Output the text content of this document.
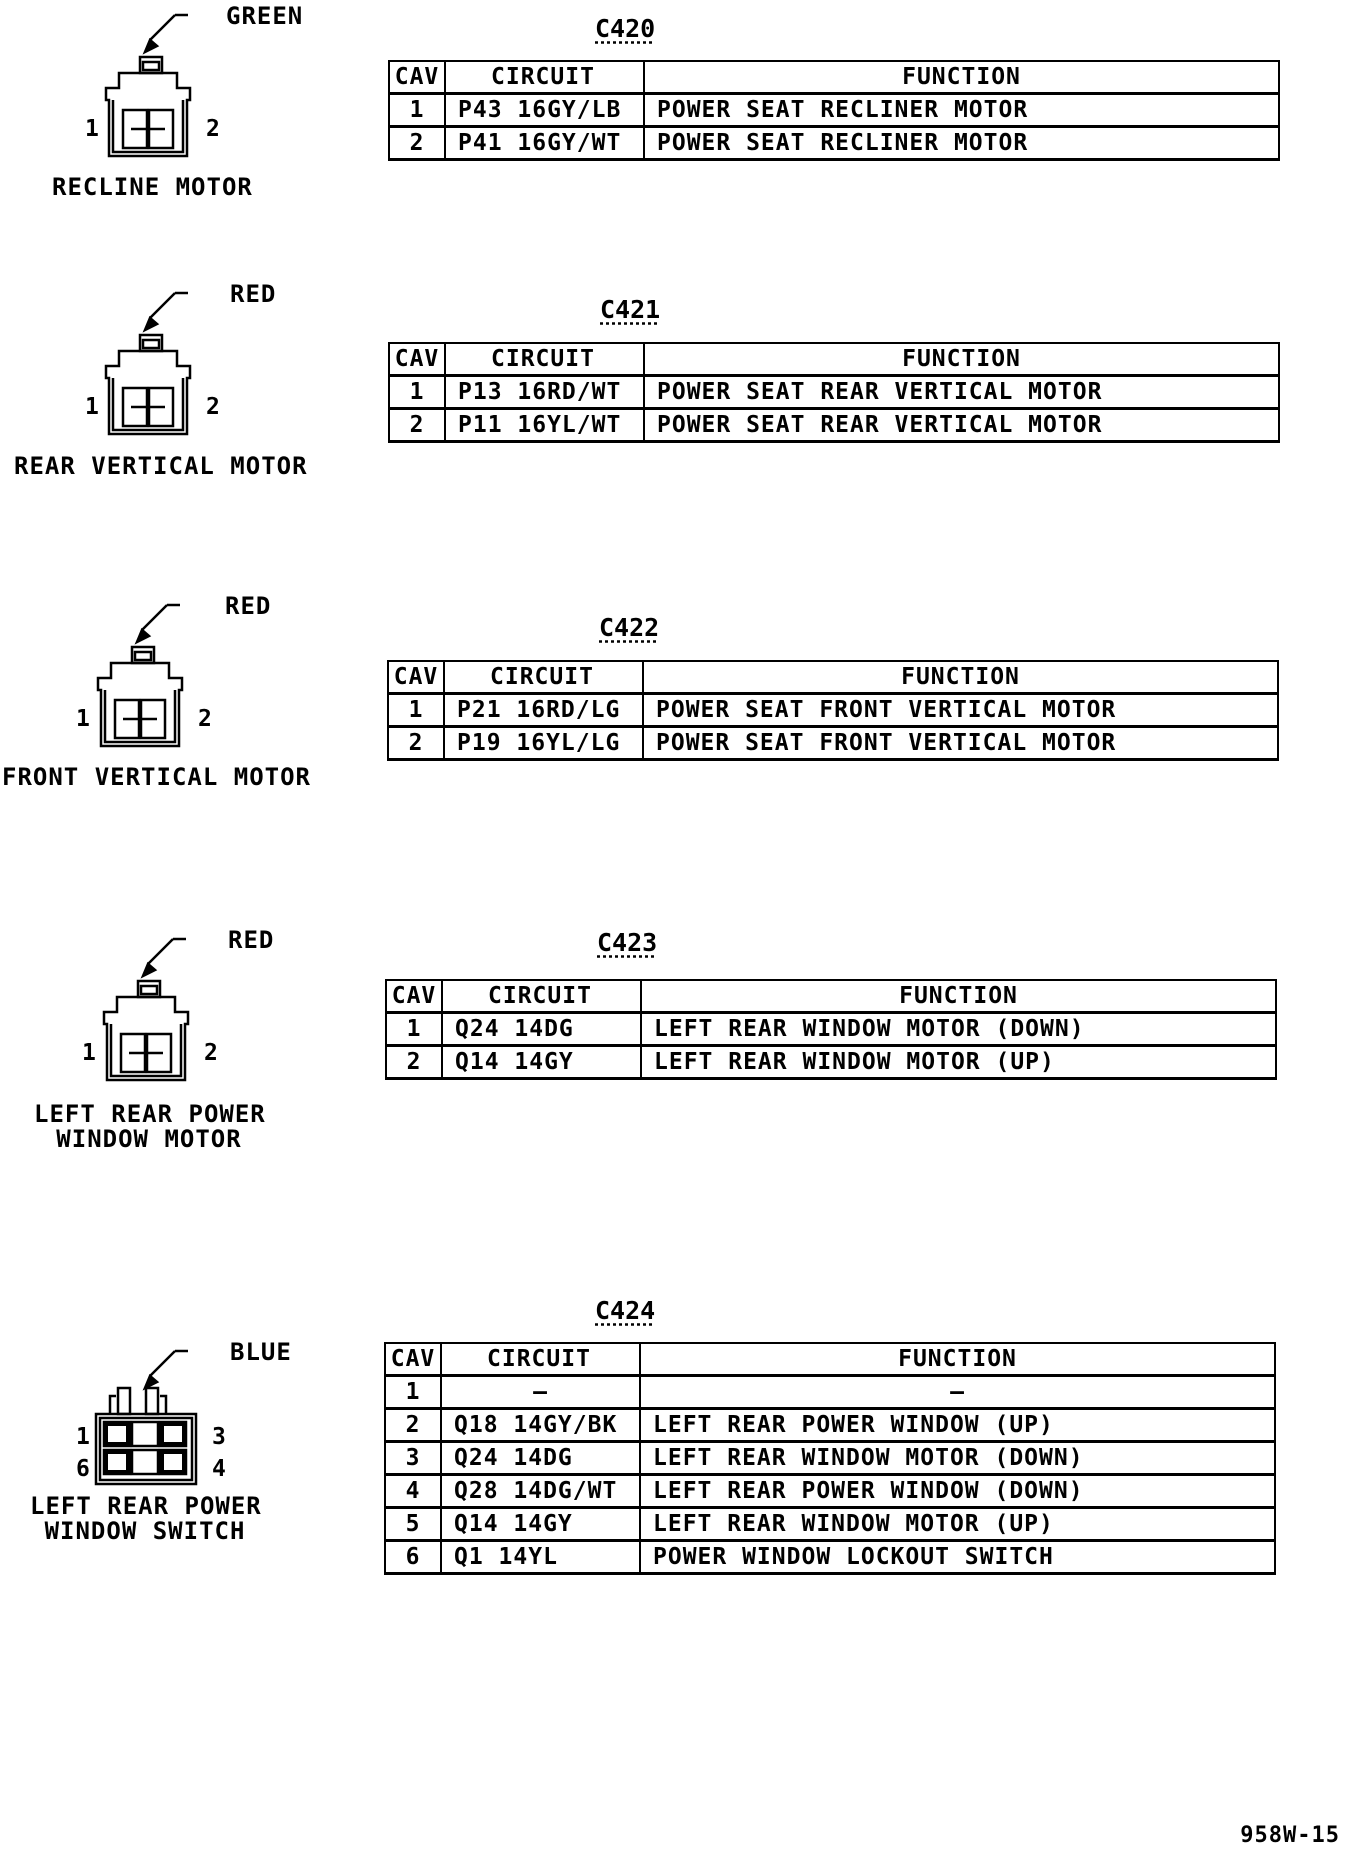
GREEN
1	2
RECLINE MOTOR
C420
CAV	CIRCUIT	FUNCTION
1	P43 16GY/LB	POWER SEAT RECLINER MOTOR
2	P41 16GY/WT	POWER SEAT RECLINER MOTOR
RED
1	2
REAR VERTICAL MOTOR
C421
CAV	CIRCUIT	FUNCTION
1	P13 16RD/WT	POWER SEAT REAR VERTICAL MOTOR
2	P11 16YL/WT	POWER SEAT REAR VERTICAL MOTOR
RED
1	2
FRONT VERTICAL MOTOR
C422
CAV	CIRCUIT	FUNCTION
1	P21 16RD/LG	POWER SEAT FRONT VERTICAL MOTOR
2	P19 16YL/LG	POWER SEAT FRONT VERTICAL MOTOR
RED
1	2
LEFT REAR POWER
WINDOW MOTOR
C423
CAV	CIRCUIT	FUNCTION
1	Q24 14DG	LEFT REAR WINDOW MOTOR (DOWN)
2	Q14 14GY	LEFT REAR WINDOW MOTOR (UP)
BLUE
1	3
6	4
LEFT REAR POWER
WINDOW SWITCH
C424
CAV	CIRCUIT	FUNCTION
1	—	—
2	Q18 14GY/BK	LEFT REAR POWER WINDOW (UP)
3	Q24 14DG	LEFT REAR WINDOW MOTOR (DOWN)
4	Q28 14DG/WT	LEFT REAR POWER WINDOW (DOWN)
5	Q14 14GY	LEFT REAR WINDOW MOTOR (UP)
6	Q1 14YL	POWER WINDOW LOCKOUT SWITCH
958W-15
